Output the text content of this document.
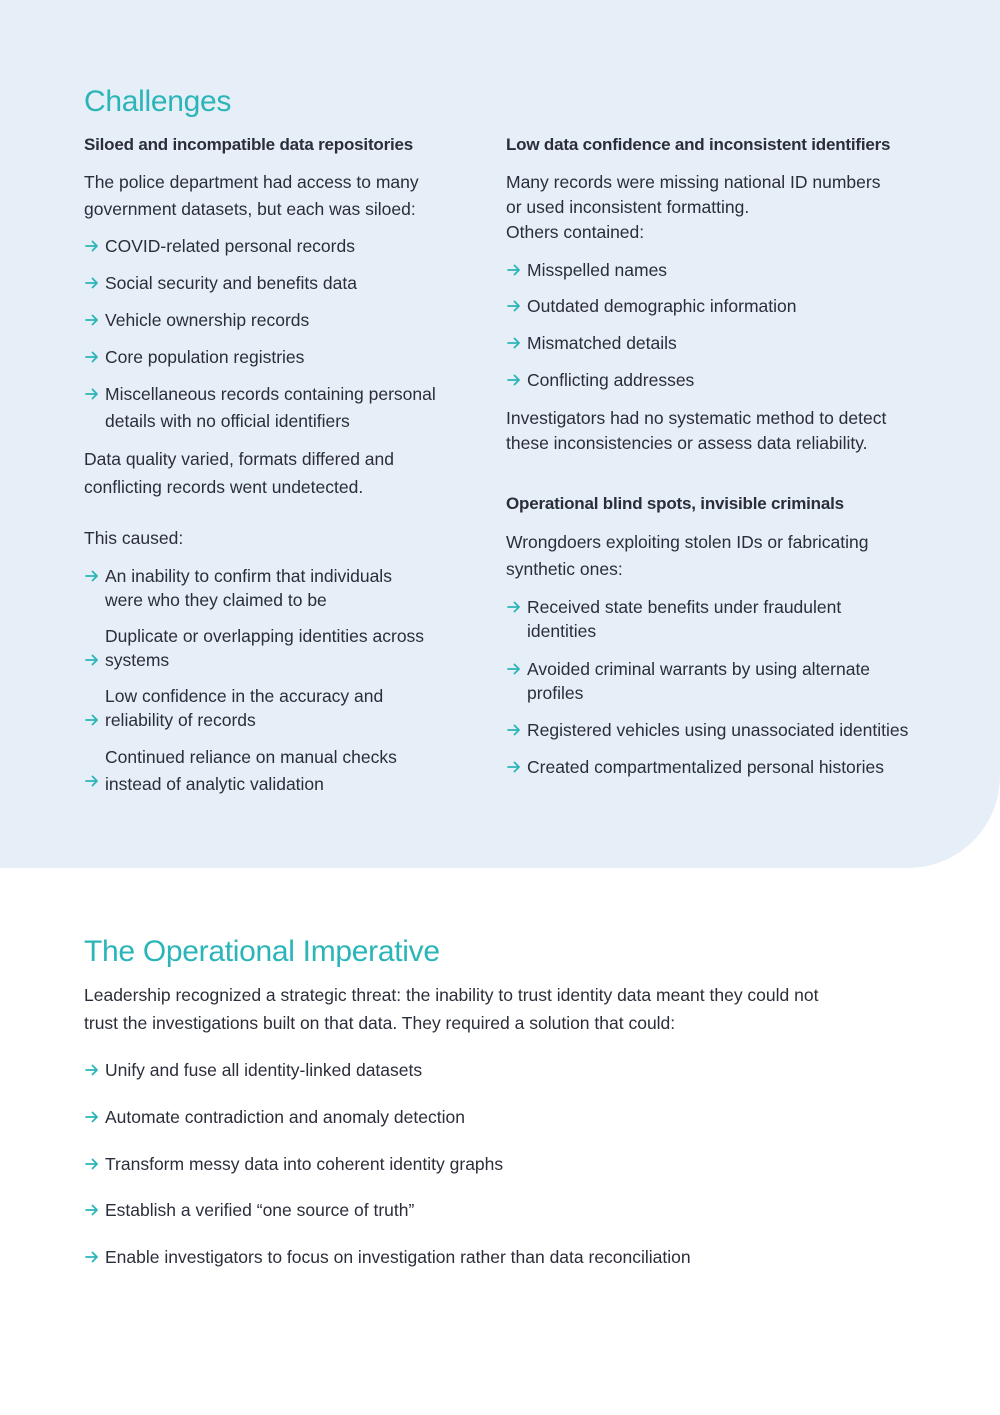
Challenges
Siloed and incompatible data repositories
The police department had access to many
government datasets, but each was siloed:
COVID-related personal records
Social security and benefits data
Vehicle ownership records
Core population registries
Miscellaneous records containing personal
details with no official identifiers
Data quality varied, formats differed and
conflicting records went undetected.
This caused:
An inability to confirm that individuals
were who they claimed to be
Duplicate or overlapping identities across
systems
Low confidence in the accuracy and
reliability of records
Continued reliance on manual checks
instead of analytic validation
Low data confidence and inconsistent identifiers
Many records were missing national ID numbers
or used inconsistent formatting.
Others contained:
Misspelled names
Outdated demographic information
Mismatched details
Conflicting addresses
Investigators had no systematic method to detect
these inconsistencies or assess data reliability.
Operational blind spots, invisible criminals
Wrongdoers exploiting stolen IDs or fabricating
synthetic ones:
Received state benefits under fraudulent
identities
Avoided criminal warrants by using alternate
profiles
Registered vehicles using unassociated identities
Created compartmentalized personal histories
The Operational Imperative
Leadership recognized a strategic threat: the inability to trust identity data meant they could not
trust the investigations built on that data. They required a solution that could:
Unify and fuse all identity-linked datasets
Automate contradiction and anomaly detection
Transform messy data into coherent identity graphs
Establish a verified “one source of truth”
Enable investigators to focus on investigation rather than data reconciliation
